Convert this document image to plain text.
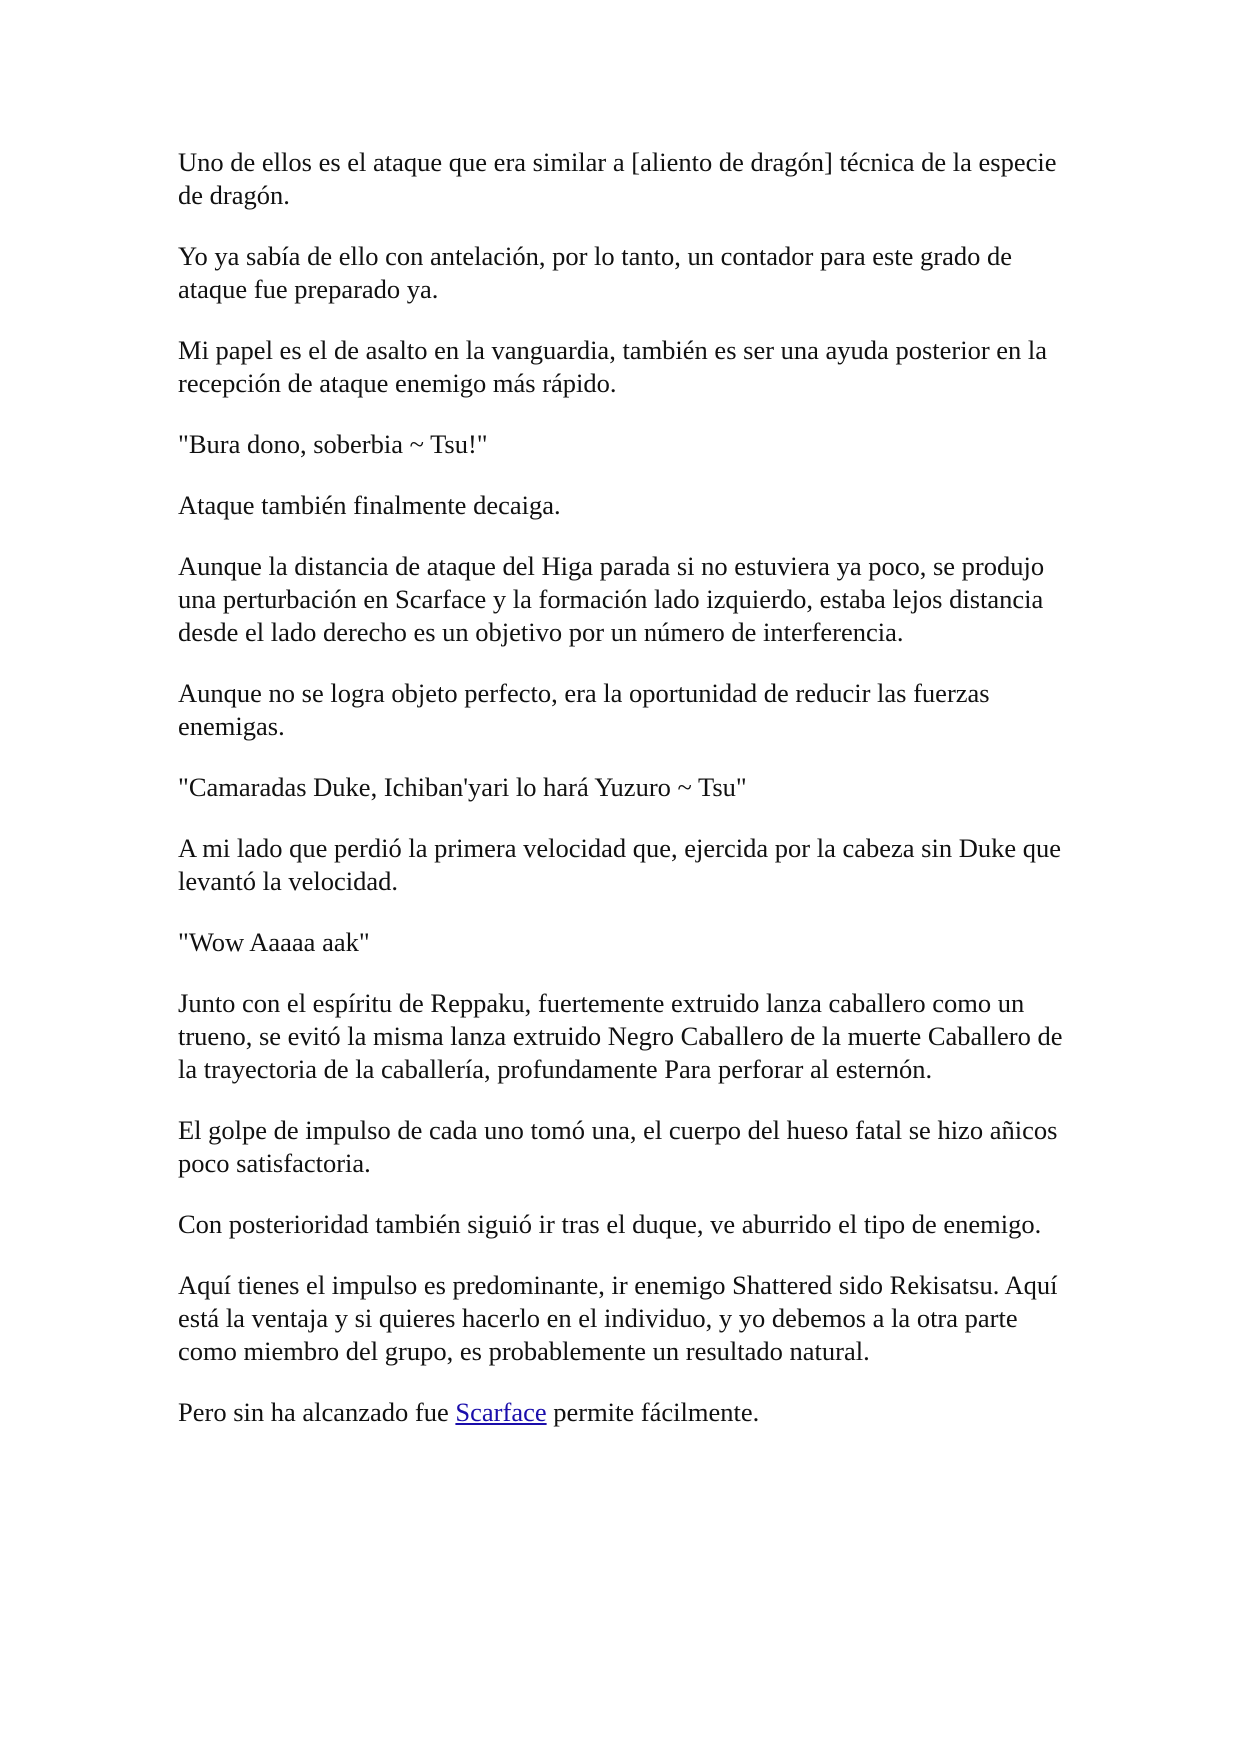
Uno de ellos es el ataque que era similar a [aliento de dragón] técnica de la especie de dragón.

Yo ya sabía de ello con antelación, por lo tanto, un contador para este grado de ataque fue preparado ya.

Mi papel es el de asalto en la vanguardia, también es ser una ayuda posterior en la recepción de ataque enemigo más rápido.

"Bura dono, soberbia ~ Tsu!"

Ataque también finalmente decaiga.

Aunque la distancia de ataque del Higa parada si no estuviera ya poco, se produjo una perturbación en Scarface y la formación lado izquierdo, estaba lejos distancia desde el lado derecho es un objetivo por un número de interferencia.

Aunque no se logra objeto perfecto, era la oportunidad de reducir las fuerzas enemigas.

"Camaradas Duke, Ichiban'yari lo hará Yuzuro ~ Tsu"

A mi lado que perdió la primera velocidad que, ejercida por la cabeza sin Duke que levantó la velocidad.

"Wow Aaaaa aak"

Junto con el espíritu de Reppaku, fuertemente extruido lanza caballero como un trueno, se evitó la misma lanza extruido Negro Caballero de la muerte Caballero de la trayectoria de la caballería, profundamente Para perforar al esternón.

El golpe de impulso de cada uno tomó una, el cuerpo del hueso fatal se hizo añicos poco satisfactoria.

Con posterioridad también siguió ir tras el duque, ve aburrido el tipo de enemigo.

Aquí tienes el impulso es predominante, ir enemigo Shattered sido Rekisatsu. Aquí está la ventaja y si quieres hacerlo en el individuo, y yo debemos a la otra parte como miembro del grupo, es probablemente un resultado natural.

Pero sin ha alcanzado fue Scarface permite fácilmente.
